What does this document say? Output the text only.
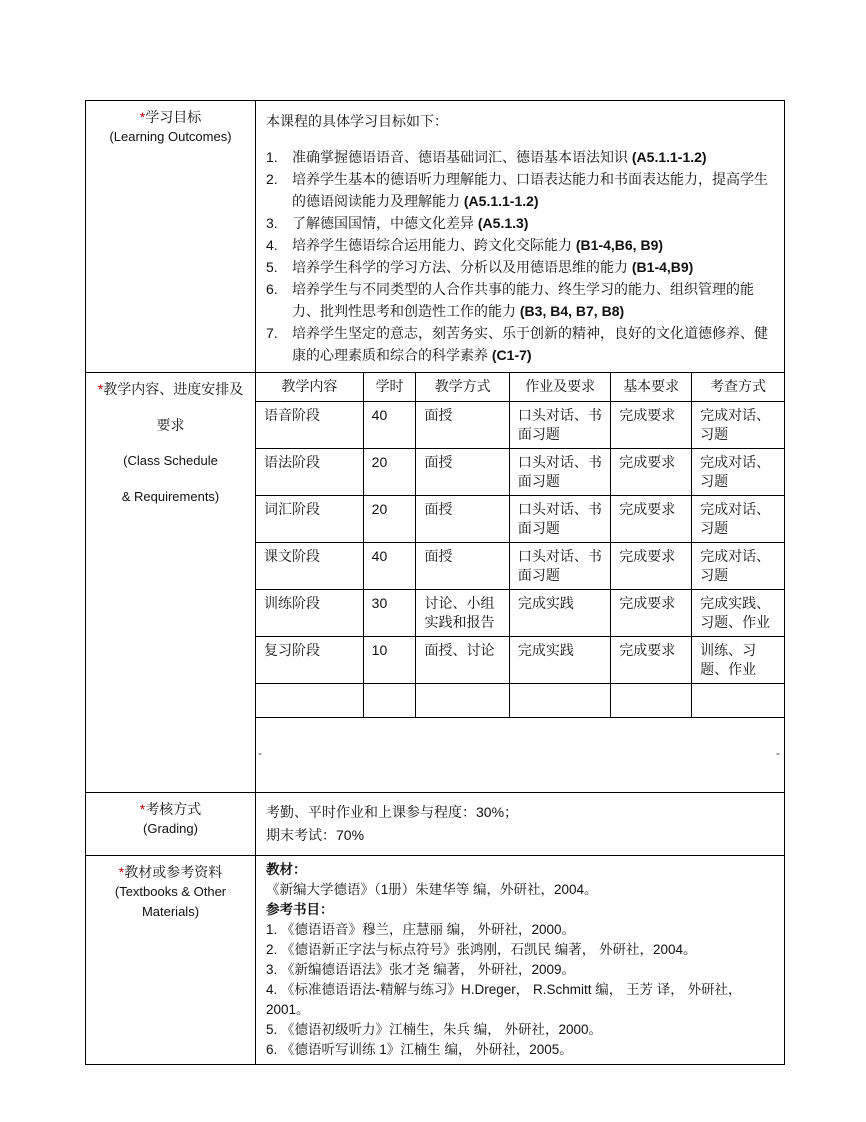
*学习目标
(Learning Outcomes)

本课程的具体学习目标如下：

1.	准确掌握德语语音、德语基础词汇、德语基本语法知识 (A5.1.1-1.2)
2.	培养学生基本的德语听力理解能力、口语表达能力和书面表达能力，提高学生的德语阅读能力及理解能力 (A5.1.1-1.2)
3.	了解德国国情，中德文化差异 (A5.1.3)
4.	培养学生德语综合运用能力、跨文化交际能力 (B1-4,B6, B9)
5.	培养学生科学的学习方法、分析以及用德语思维的能力 (B1-4,B9)
6.	培养学生与不同类型的人合作共事的能力、终生学习的能力、组织管理的能力、批判性思考和创造性工作的能力 (B3, B4, B7, B8)
7.	培养学生坚定的意志，刻苦务实、乐于创新的精神，良好的文化道德修养、健康的心理素质和综合的科学素养 (C1-7)

*教学内容、进度安排及
要求
(Class Schedule
& Requirements)

教学内容	学时	教学方式	作业及要求	基本要求	考查方式
语音阶段	40	面授	口头对话、书面习题	完成要求	完成对话、习题
语法阶段	20	面授	口头对话、书面习题	完成要求	完成对话、习题
词汇阶段	20	面授	口头对话、书面习题	完成要求	完成对话、习题
课文阶段	40	面授	口头对话、书面习题	完成要求	完成对话、习题
训练阶段	30	讨论、小组实践和报告	完成实践	完成要求	完成实践、习题、作业
复习阶段	10	面授、讨论	完成实践	完成要求	训练、习题、作业

-	-

*考核方式
(Grading)

考勤、平时作业和上课参与程度：30%；
期末考试：70%

*教材或参考资料
(Textbooks & Other
Materials)

教材：
《新编大学德语》（1册）朱建华等 编，外研社，2004。
参考书目：
1. 《德语语音》穆兰，庄慧丽 编， 外研社，2000。
2. 《德语新正字法与标点符号》张鸿刚，石凯民 编著， 外研社，2004。
3. 《新编德语语法》张才尧 编著， 外研社，2009。
4. 《标准德语语法-精解与练习》H.Dreger， R.Schmitt 编， 王芳 译， 外研社，2001。
5. 《德语初级听力》江楠生，朱兵 编， 外研社，2000。
6. 《德语听写训练 1》江楠生 编， 外研社，2005。
